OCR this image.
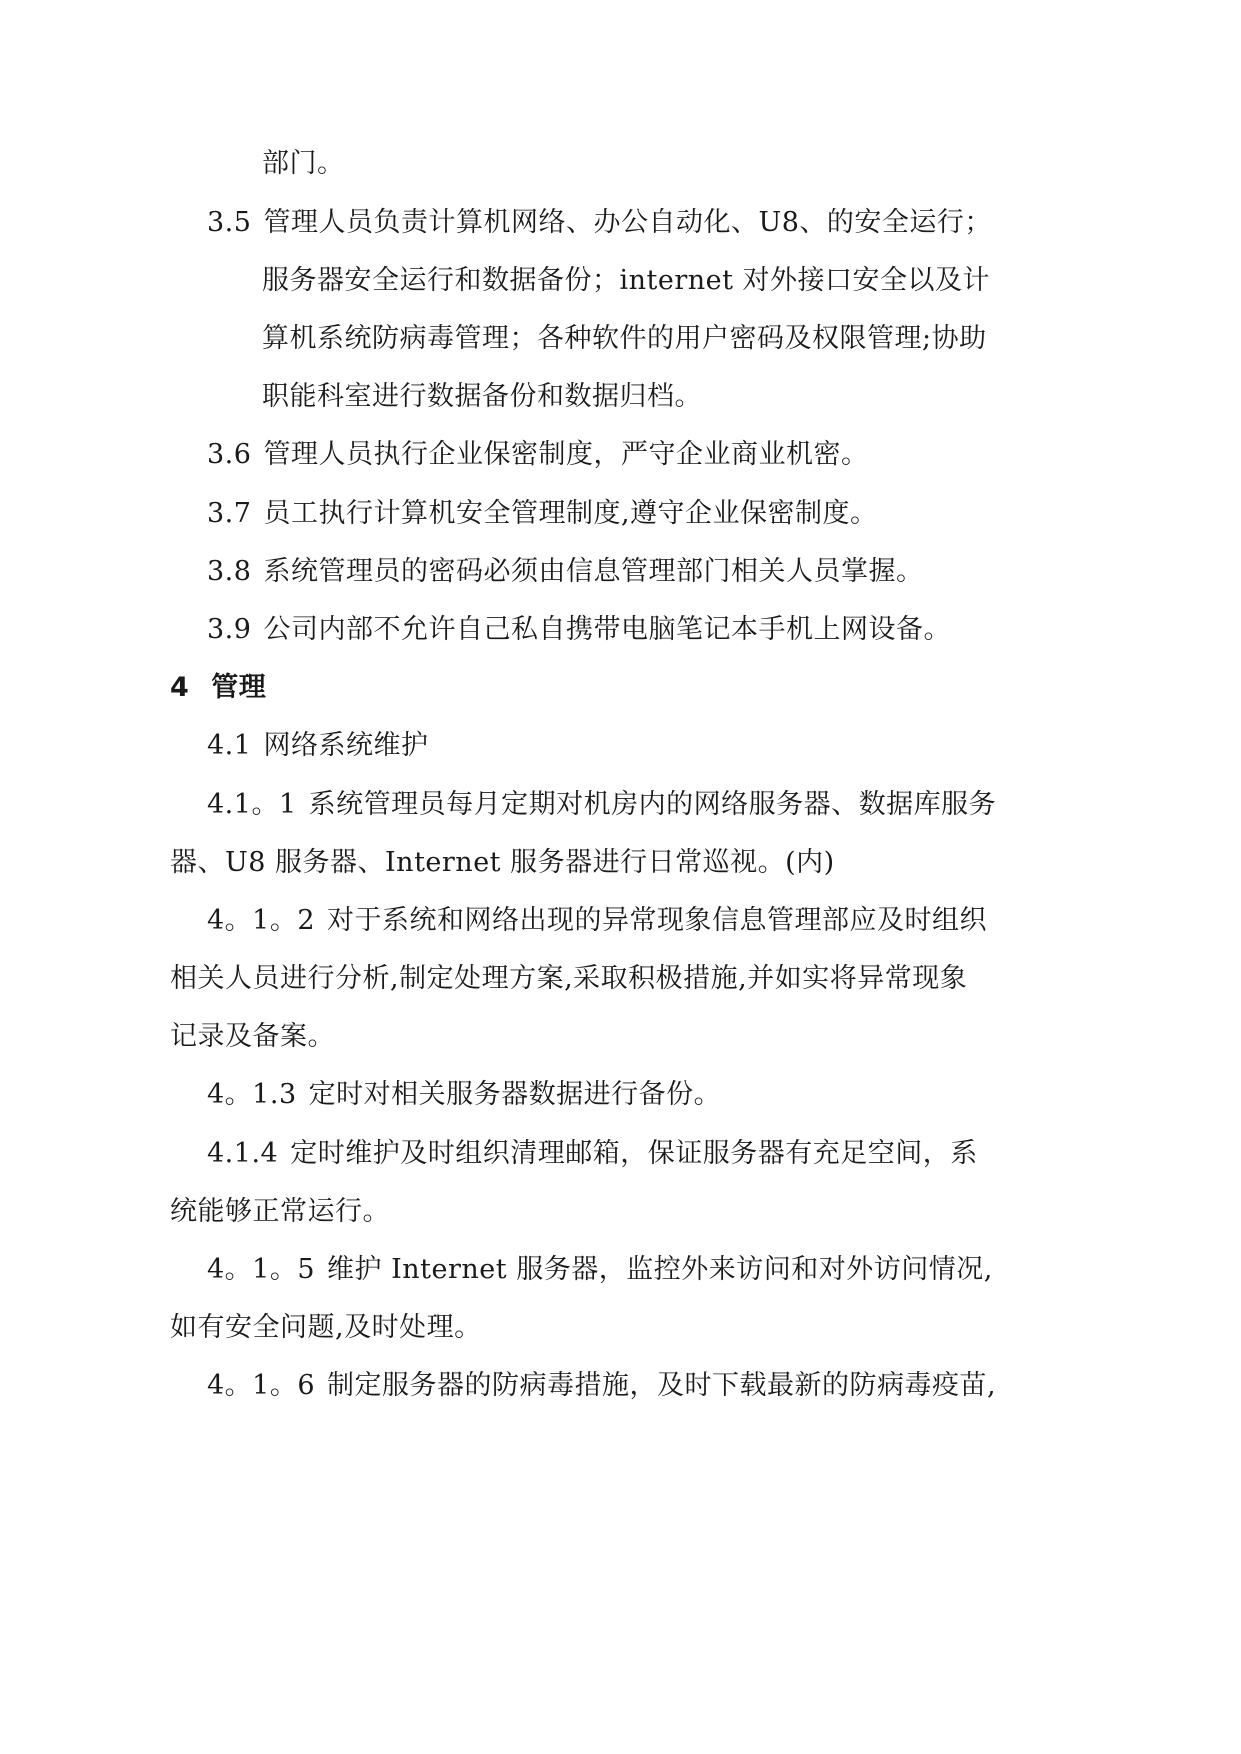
部门。
3.5 管理人员负责计算机网络、办公自动化、U8、的安全运行；
服务器安全运行和数据备份；internet 对外接口安全以及计
算机系统防病毒管理；各种软件的用户密码及权限管理;协助
职能科室进行数据备份和数据归档。
3.6 管理人员执行企业保密制度，严守企业商业机密。
3.7 员工执行计算机安全管理制度,遵守企业保密制度。
3.8 系统管理员的密码必须由信息管理部门相关人员掌握。
3.9 公司内部不允许自己私自携带电脑笔记本手机上网设备。
4 管理
4.1 网络系统维护
4.1。1 系统管理员每月定期对机房内的网络服务器、数据库服务
器、U8 服务器、Internet 服务器进行日常巡视。(内)
4。1。2 对于系统和网络出现的异常现象信息管理部应及时组织
相关人员进行分析,制定处理方案,采取积极措施,并如实将异常现象
记录及备案。
4。1.3 定时对相关服务器数据进行备份。
4.1.4 定时维护及时组织清理邮箱，保证服务器有充足空间，系
统能够正常运行。
4。1。5 维护 Internet 服务器，监控外来访问和对外访问情况,
如有安全问题,及时处理。
4。1。6 制定服务器的防病毒措施，及时下载最新的防病毒疫苗,
